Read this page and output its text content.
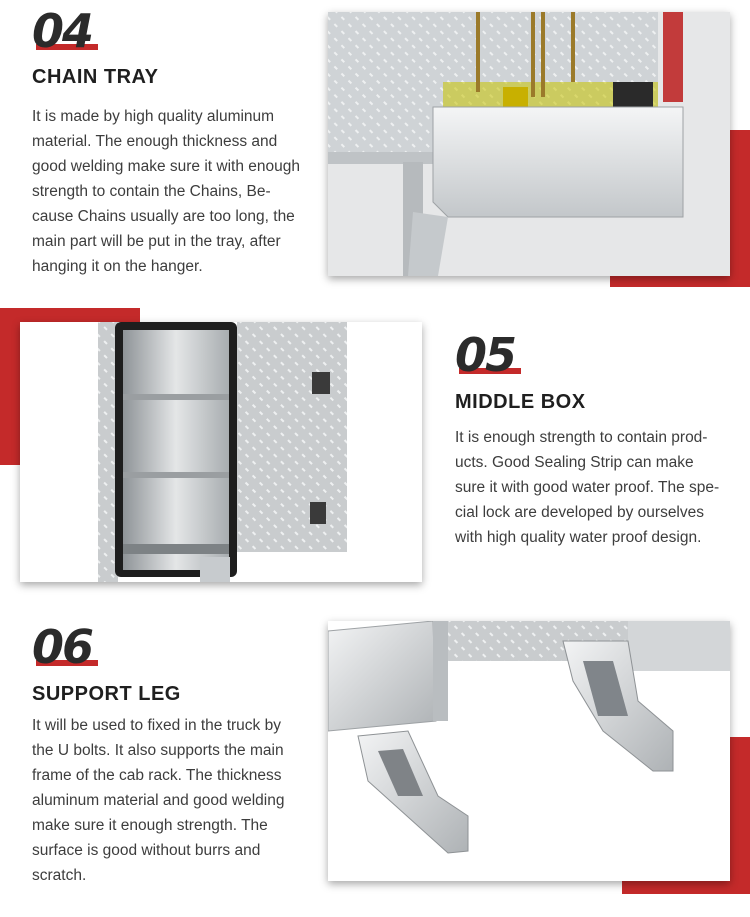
04
CHAIN TRAY

It is made by high quality aluminum
material. The enough thickness and
good welding make sure it with enough
strength to contain the Chains, Be-
cause Chains usually are too long, the
main part will be put in the tray, after
hanging it on the hanger.

05
MIDDLE BOX

It is enough strength to contain prod-
ucts. Good Sealing Strip can make
sure it with good water proof. The spe-
cial lock are developed by ourselves
with high quality water proof design.

06
SUPPORT LEG

It will be used to fixed in the truck by
the U bolts. It also supports the main
frame of the cab rack. The thickness
aluminum material and good welding
make sure it enough strength. The
surface is good without burrs and
scratch.
